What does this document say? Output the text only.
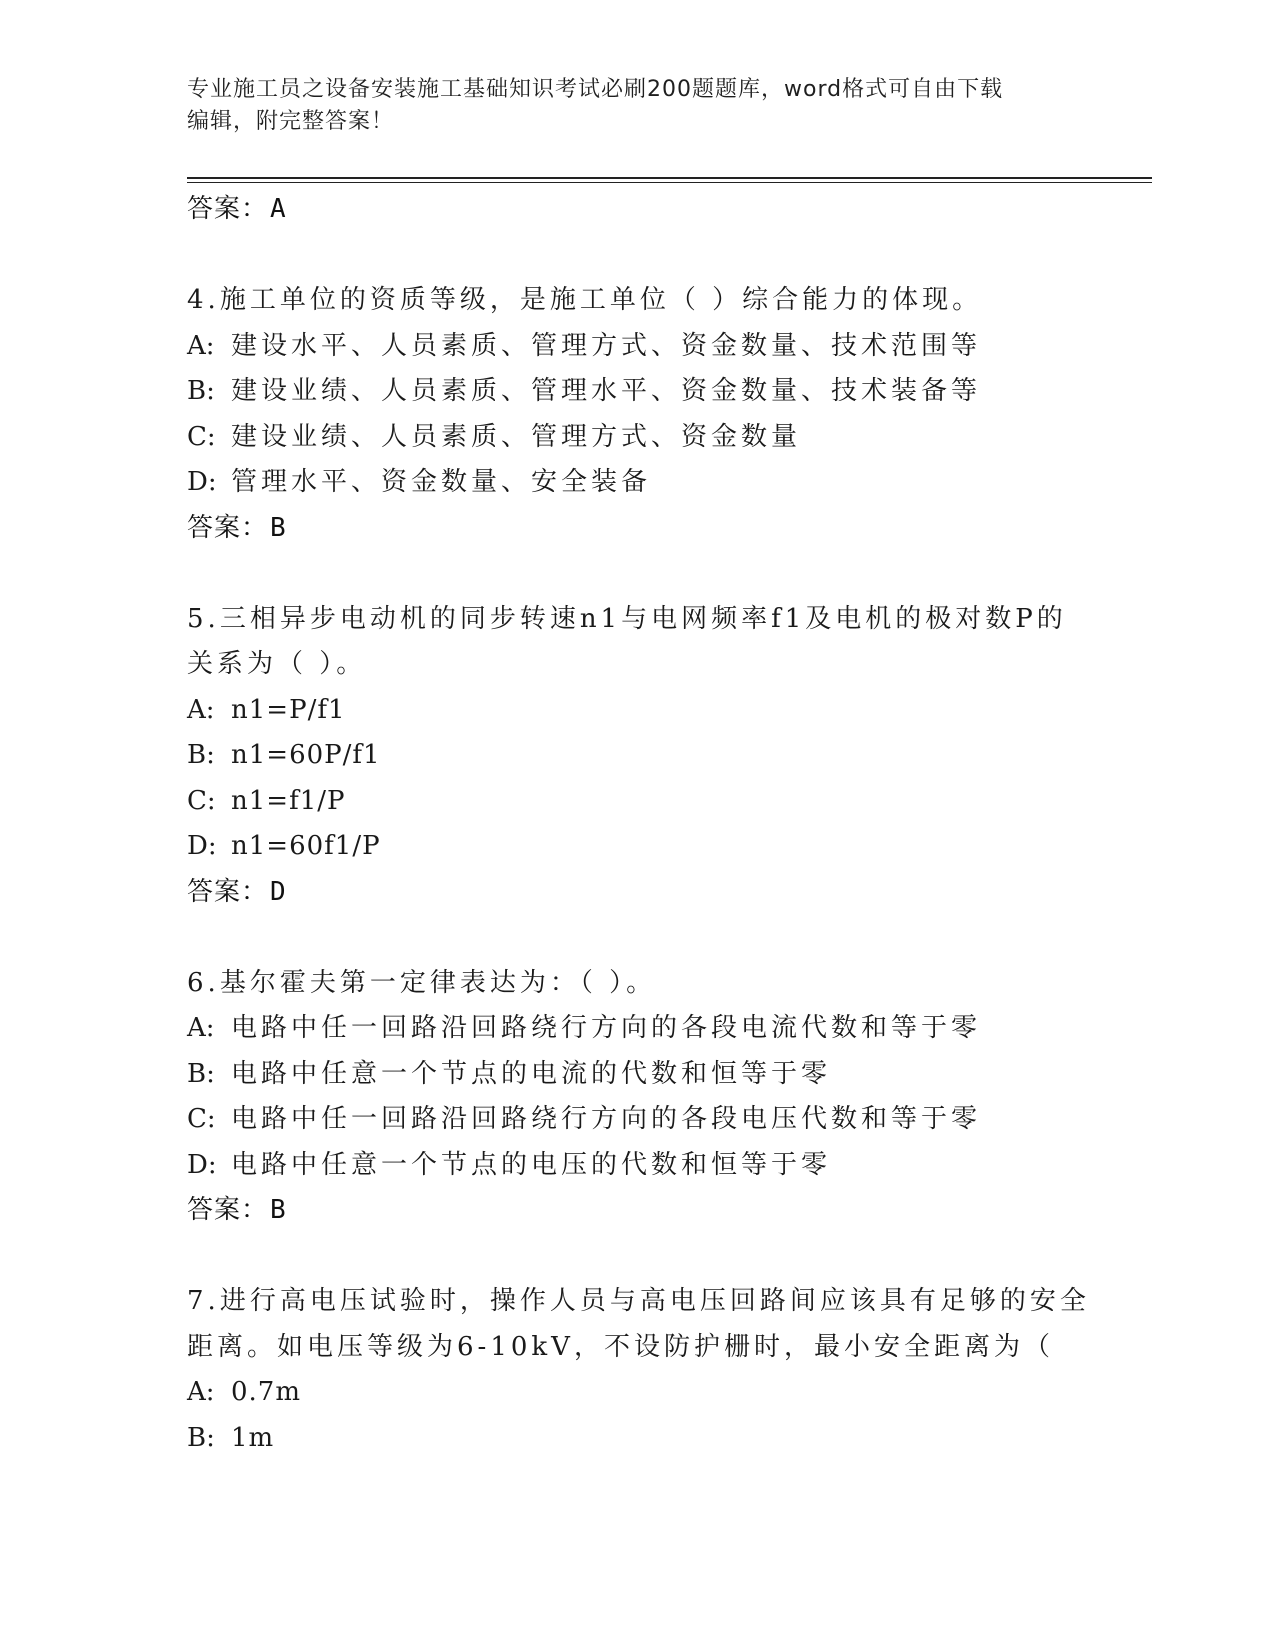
专业施工员之设备安装施工基础知识考试必刷200题题库，word格式可自由下载
编辑，附完整答案！
答案：A
4.施工单位的资质等级，是施工单位（ ）综合能力的体现。
A: 建设水平、人员素质、管理方式、资金数量、技术范围等
B: 建设业绩、人员素质、管理水平、资金数量、技术装备等
C: 建设业绩、人员素质、管理方式、资金数量
D: 管理水平、资金数量、安全装备
答案：B
5.三相异步电动机的同步转速n1与电网频率f1及电机的极对数P的
关系为（ ）。
A: n1=P/f1
B: n1=60P/f1
C: n1=f1/P
D: n1=60f1/P
答案：D
6.基尔霍夫第一定律表达为：（ ）。
A: 电路中任一回路沿回路绕行方向的各段电流代数和等于零
B: 电路中任意一个节点的电流的代数和恒等于零
C: 电路中任一回路沿回路绕行方向的各段电压代数和等于零
D: 电路中任意一个节点的电压的代数和恒等于零
答案：B
7.进行高电压试验时，操作人员与高电压回路间应该具有足够的安全
距离。如电压等级为6-10kV，不设防护栅时，最小安全距离为（
A: 0.7m
B: 1m
